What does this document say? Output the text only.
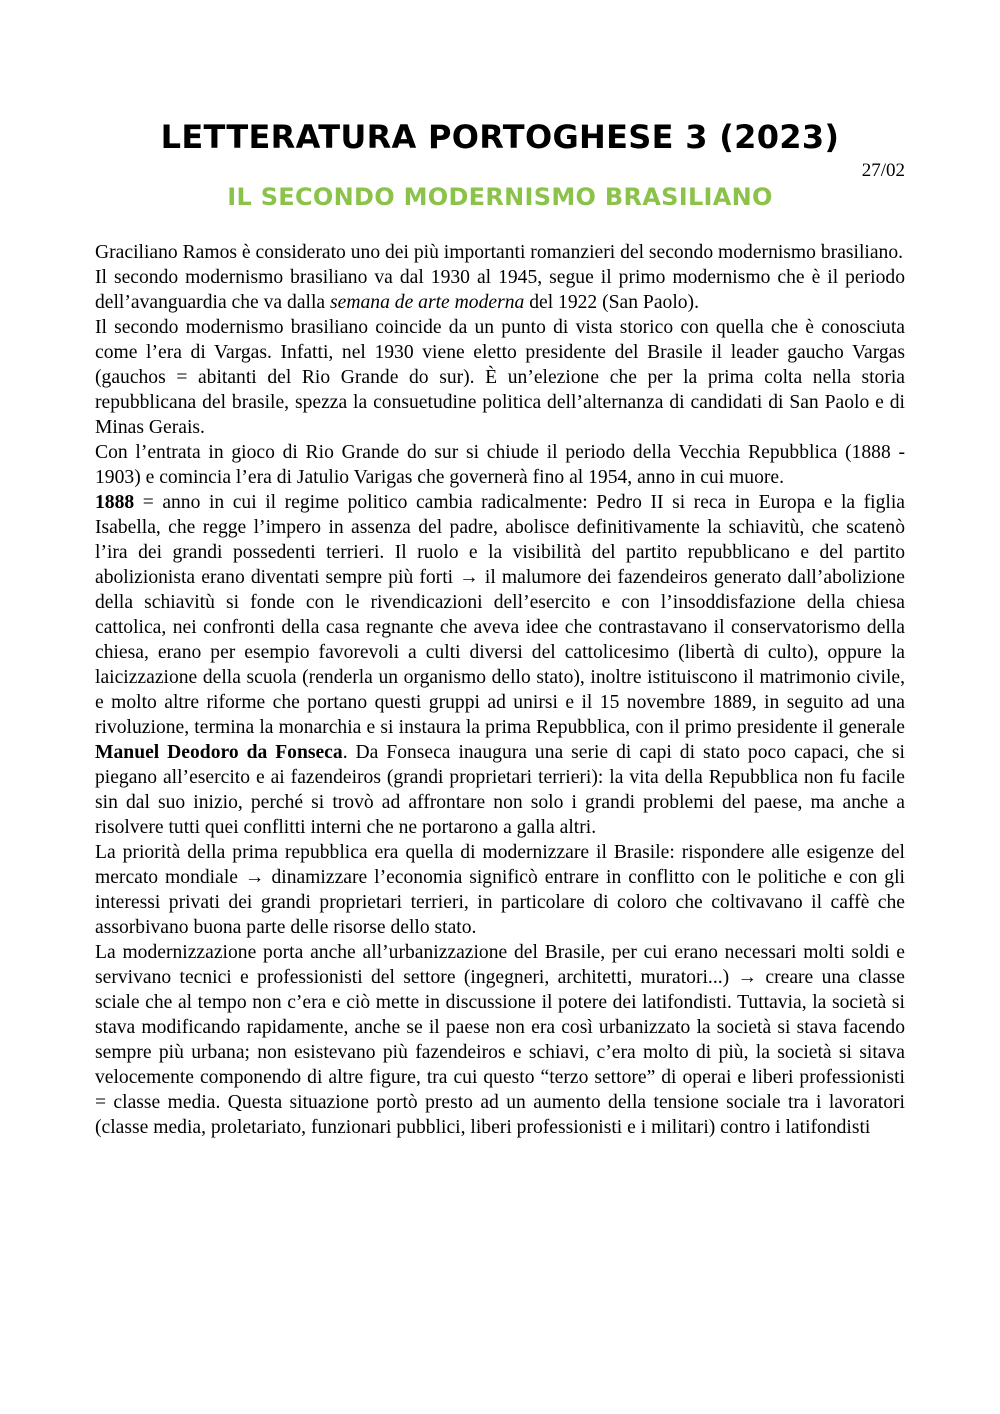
LETTERATURA PORTOGHESE 3 (2023)
27/02
IL SECONDO MODERNISMO BRASILIANO

Graciliano Ramos è considerato uno dei più importanti romanzieri del secondo modernismo brasiliano.

Il secondo modernismo brasiliano va dal 1930 al 1945, segue il primo modernismo che è il periodo dell’avanguardia che va dalla semana de arte moderna del 1922 (San Paolo).

Il secondo modernismo brasiliano coincide da un punto di vista storico con quella che è conosciuta come l’era di Vargas. Infatti, nel 1930 viene eletto presidente del Brasile il leader gaucho Vargas (gauchos = abitanti del Rio Grande do sur). È un’elezione che per la prima colta nella storia repubblicana del brasile, spezza la consuetudine politica dell’alternanza di candidati di San Paolo e di Minas Gerais.

Con l’entrata in gioco di Rio Grande do sur si chiude il periodo della Vecchia Repubblica (1888 - 1903) e comincia l’era di Jatulio Varigas che governerà fino al 1954, anno in cui muore.

1888 = anno in cui il regime politico cambia radicalmente: Pedro II si reca in Europa e la figlia Isabella, che regge l’impero in assenza del padre, abolisce definitivamente la schiavitù, che scatenò l’ira dei grandi possedenti terrieri. Il ruolo e la visibilità del partito repubblicano e del partito abolizionista erano diventati sempre più forti → il malumore dei fazendeiros generato dall’abolizione della schiavitù si fonde con le rivendicazioni dell’esercito e con l’insoddisfazione della chiesa cattolica, nei confronti della casa regnante che aveva idee che contrastavano il conservatorismo della chiesa, erano per esempio favorevoli a culti diversi del cattolicesimo (libertà di culto), oppure la laicizzazione della scuola (renderla un organismo dello stato), inoltre istituiscono il matrimonio civile, e molto altre riforme che portano questi gruppi ad unirsi e il 15 novembre 1889, in seguito ad una rivoluzione, termina la monarchia e si instaura la prima Repubblica, con il primo presidente il generale Manuel Deodoro da Fonseca. Da Fonseca inaugura una serie di capi di stato poco capaci, che si piegano all’esercito e ai fazendeiros (grandi proprietari terrieri): la vita della Repubblica non fu facile sin dal suo inizio, perché si trovò ad affrontare non solo i grandi problemi del paese, ma anche a risolvere tutti quei conflitti interni che ne portarono a galla altri.

La priorità della prima repubblica era quella di modernizzare il Brasile: rispondere alle esigenze del mercato mondiale → dinamizzare l’economia significò entrare in conflitto con le politiche e con gli interessi privati dei grandi proprietari terrieri, in particolare di coloro che coltivavano il caffè che assorbivano buona parte delle risorse dello stato.

La modernizzazione porta anche all’urbanizzazione del Brasile, per cui erano necessari molti soldi e servivano tecnici e professionisti del settore (ingegneri, architetti, muratori...) → creare una classe sciale che al tempo non c’era e ciò mette in discussione il potere dei latifondisti. Tuttavia, la società si stava modificando rapidamente, anche se il paese non era così urbanizzato la società si stava facendo sempre più urbana; non esistevano più fazendeiros e schiavi, c’era molto di più, la società si sitava velocemente componendo di altre figure, tra cui questo “terzo settore” di operai e liberi professionisti = classe media. Questa situazione portò presto ad un aumento della tensione sociale tra i lavoratori (classe media, proletariato, funzionari pubblici, liberi professionisti e i militari) contro i latifondisti
